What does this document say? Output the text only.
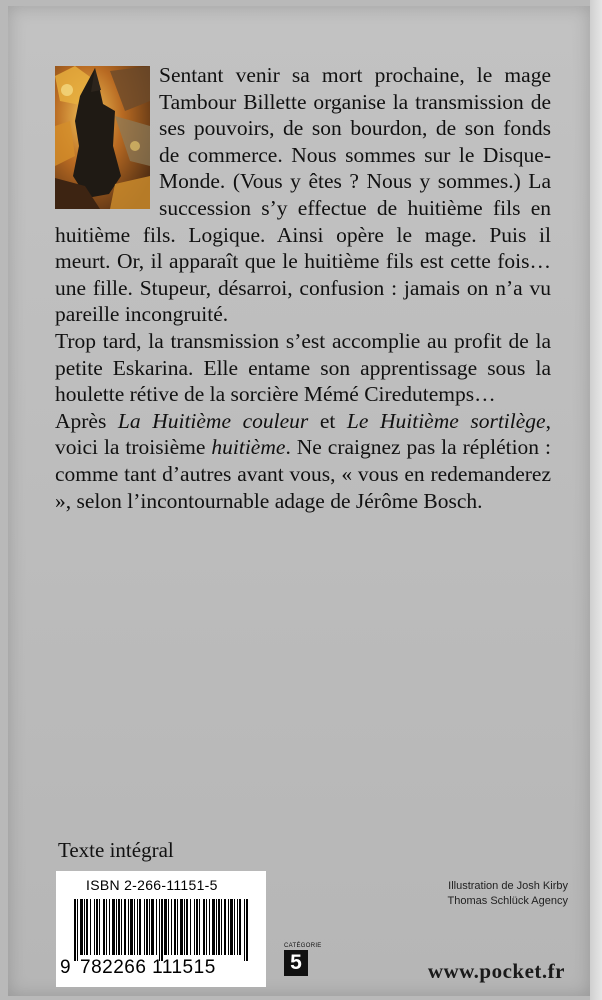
Sentant venir sa mort prochaine, le mage Tambour Billette organise la transmission de ses pouvoirs, de son bourdon, de son fonds de commerce. Nous sommes sur le Disque-Monde. (Vous y êtes ? Nous y sommes.) La succession s’y effectue de huitième fils en huitième fils. Logique. Ainsi opère le mage. Puis il meurt. Or, il apparaît que le huitième fils est cette fois… une fille. Stupeur, désarroi, confusion : jamais on n’a vu pareille incongruité.

Trop tard, la transmission s’est accomplie au profit de la petite Eskarina. Elle entame son apprentissage sous la houlette rétive de la sorcière Mémé Ciredutemps…

Après La Huitième couleur et Le Huitième sortilège, voici la troisième huitième. Ne craignez pas la réplétion : comme tant d’autres avant vous, « vous en redemanderez », selon l’incontournable adage de Jérôme Bosch.

Texte intégral
ISBN 2-266-11151-5
9 782266 111515
Illustration de Josh Kirby
Thomas Schlück Agency
CATÉGORIE
5	www.pocket.fr
